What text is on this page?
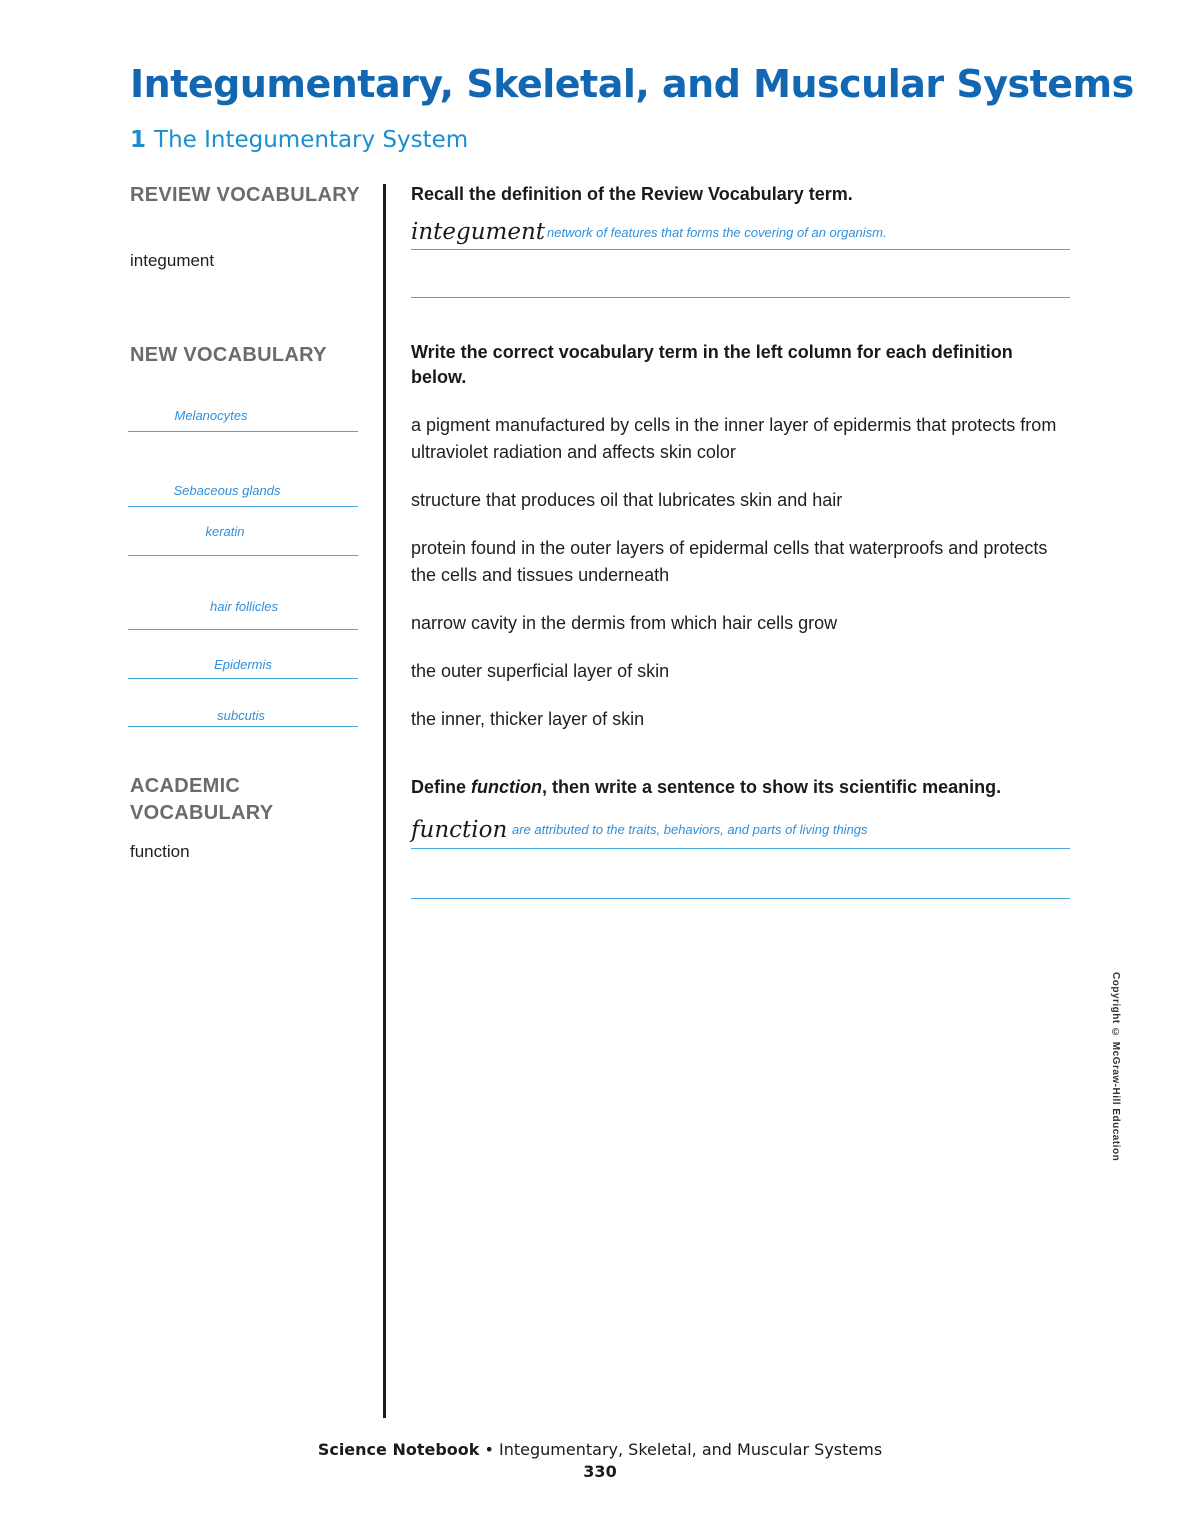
Integumentary, Skeletal, and Muscular Systems
1 The Integumentary System
REVIEW VOCABULARY
integument
NEW VOCABULARY
Melanocytes
Sebaceous glands
keratin
hair follicles
Epidermis
subcutis
ACADEMIC VOCABULARY
function
Recall the definition of the Review Vocabulary term.
integument network of features that forms the covering of an organism.
Write the correct vocabulary term in the left column for each definition below.
a pigment manufactured by cells in the inner layer of epidermis that protects from ultraviolet radiation and affects skin color
structure that produces oil that lubricates skin and hair
protein found in the outer layers of epidermal cells that waterproofs and protects the cells and tissues underneath
narrow cavity in the dermis from which hair cells grow
the outer superficial layer of skin
the inner, thicker layer of skin
Define function, then write a sentence to show its scientific meaning.
function are attributed to the traits, behaviors, and parts of living things
Copyright © McGraw-Hill Education
Science Notebook • Integumentary, Skeletal, and Muscular Systems
330
